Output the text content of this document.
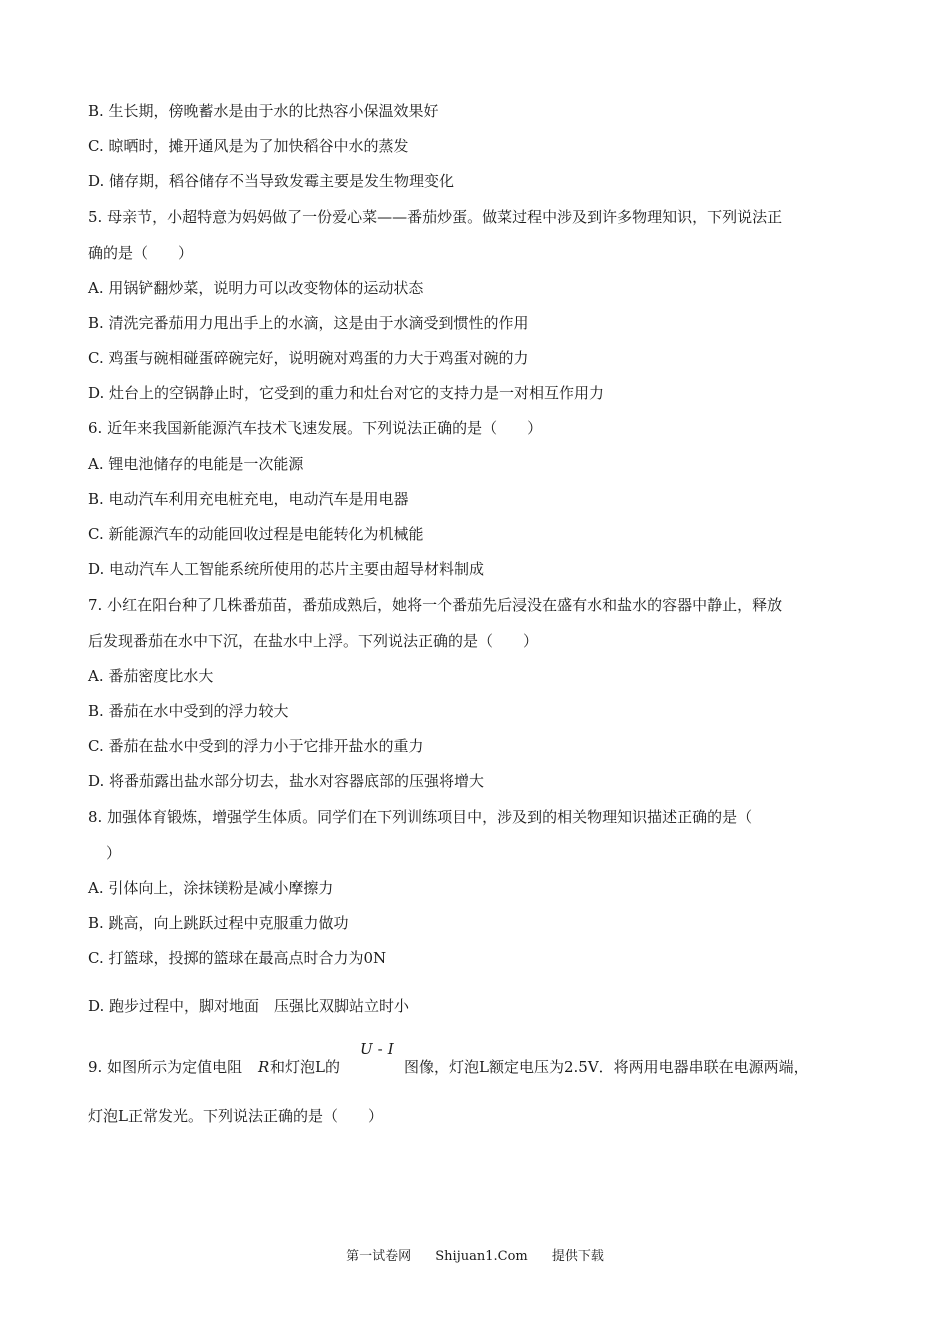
B. 生长期，傍晚蓄水是由于水的比热容小保温效果好
C. 晾晒时，摊开通风是为了加快稻谷中水的蒸发
D. 储存期，稻谷储存不当导致发霉主要是发生物理变化
5. 母亲节，小超特意为妈妈做了一份爱心菜——番茄炒蛋。做菜过程中涉及到许多物理知识，下列说法正
确的是（　　）
A. 用锅铲翻炒菜，说明力可以改变物体的运动状态
B. 清洗完番茄用力甩出手上的水滴，这是由于水滴受到惯性的作用
C. 鸡蛋与碗相碰蛋碎碗完好，说明碗对鸡蛋的力大于鸡蛋对碗的力
D. 灶台上的空锅静止时，它受到的重力和灶台对它的支持力是一对相互作用力
6. 近年来我国新能源汽车技术飞速发展。下列说法正确的是（　　）
A. 锂电池储存的电能是一次能源
B. 电动汽车利用充电桩充电，电动汽车是用电器
C. 新能源汽车的动能回收过程是电能转化为机械能
D. 电动汽车人工智能系统所使用的芯片主要由超导材料制成
7. 小红在阳台种了几株番茄苗，番茄成熟后，她将一个番茄先后浸没在盛有水和盐水的容器中静止，释放
后发现番茄在水中下沉，在盐水中上浮。下列说法正确的是（　　）
A. 番茄密度比水大
B. 番茄在水中受到的浮力较大
C. 番茄在盐水中受到的浮力小于它排开盐水的重力
D. 将番茄露出盐水部分切去，盐水对容器底部的压强将增大
8. 加强体育锻炼，增强学生体质。同学们在下列训练项目中，涉及到的相关物理知识描述正确的是（
）
A. 引体向上，涂抹镁粉是减小摩擦力
B. 跳高，向上跳跃过程中克服重力做功
C. 打篮球，投掷的篮球在最高点时合力为0N
D. 跑步过程中，脚对地面　压强比双脚站立时小
9. 如图所示为定值电阻 R 和灯泡L的
U - I
图像，灯泡L额定电压为2.5V．将两用电器串联在电源两端，
灯泡L正常发光。下列说法正确的是（　　）
第一试卷网 Shijuan1.Com 提供下载
